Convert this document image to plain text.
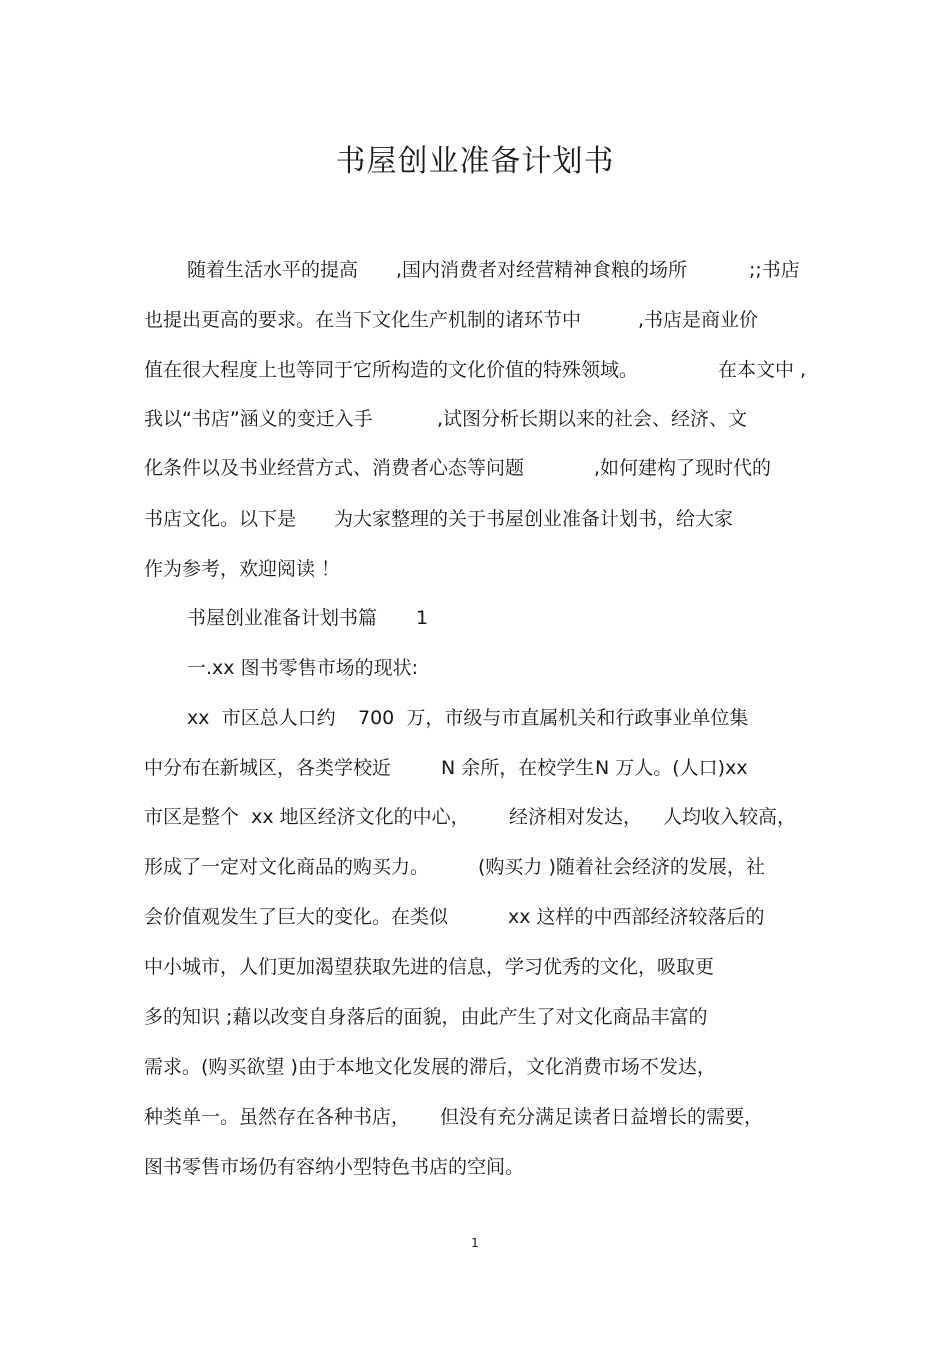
书屋创业准备计划书
随着生活水平的提高 ,国内消费者对经营精神食粮的场所	;;书店
也提出更高的要求。在当下文化生产机制的诸环节中	,书店是商业价
值在很大程度上也等同于它所构造的文化价值的特殊领域。	在本文中 ,
我以“书店”涵义的变迁入手	,试图分析长期以来的社会、经济、文
化条件以及书业经营方式、消费者心态等问题	,如何建构了现时代的
书店文化。以下是 为大家整理的关于书屋创业准备计划书，给大家
作为参考，欢迎阅读 ！
书屋创业准备计划书篇 1
一.xx 图书零售市场的现状:
xx  市区总人口约 700  万，市级与市直属机关和行政事业单位集
中分布在新城区，各类学校近	N 余所，在校学生 N 万人。(人口)xx
市区是整个  xx 地区经济文化的中心， 经济相对发达， 人均收入较高，
形成了一定对文化商品的购买力。	(购买力 )随着社会经济的发展，社
会价值观发生了巨大的变化。在类似	xx 这样的中西部经济较落后的
中小城市，人们更加渴望获取先进的信息，学习优秀的文化，吸取更
多的知识 ;藉以改变自身落后的面貌，由此产生了对文化商品丰富的
需求。(购买欲望 )由于本地文化发展的滞后，文化消费市场不发达，
种类单一。虽然存在各种书店， 但没有充分满足读者日益增长的需要，
图书零售市场仍有容纳小型特色书店的空间。
1
